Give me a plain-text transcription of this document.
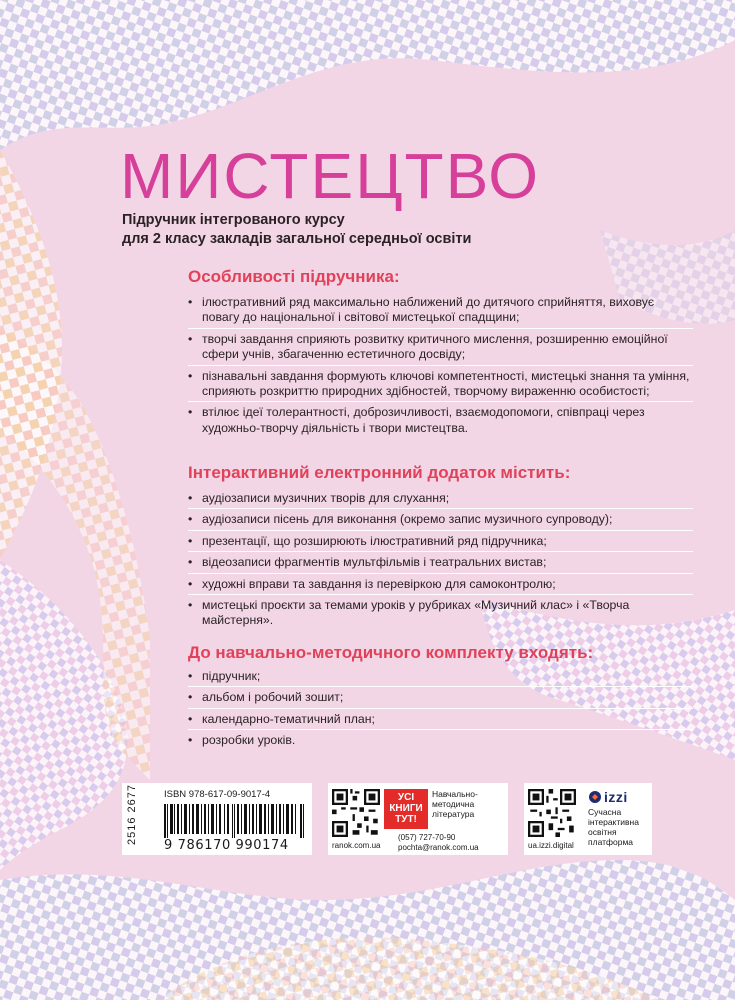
МИСТЕЦТВО
Підручник інтегрованого курсу
для 2 класу закладів загальної середньої освіти
Особливості підручника:
• ілюстративний ряд максимально наближений до дитячого сприйняття, виховує повагу до національної і світової мистецької спадщини;
• творчі завдання сприяють розвитку критичного мислення, розширенню емоційної сфери учнів, збагаченню естетичного досвіду;
• пізнавальні завдання формують ключові компетентності, мистецькі знання та уміння, сприяють розкриттю природних здібностей, творчому вираженню особистості;
• втілює ідеї толерантності, доброзичливості, взаємодопомоги, співпраці через художньо-творчу діяльність і твори мистецтва.
Інтерактивний електронний додаток містить:
• аудіозаписи музичних творів для слухання;
• аудіозаписи пісень для виконання (окремо запис музичного супроводу);
• презентації, що розширюють ілюстративний ряд підручника;
• відеозаписи фрагментів мультфільмів і театральних вистав;
• художні вправи та завдання із перевіркою для самоконтролю;
• мистецькі проєкти за темами уроків у рубриках «Музичний клас» і «Творча майстерня».
До навчально-методичного комплекту входять:
• підручник;
• альбом і робочий зошит;
• календарно-тематичний план;
• розробки уроків.
2516 2677	ISBN 978-617-09-9017-4
9 786170 990174	ranok.com.ua
УСІ КНИГИ ТУТ!
Навчально-методична література
(057) 727-70-90
pochta@ranok.com.ua	ua.izzi.digital
izzi
Сучасна інтерактивна освітня платформа
